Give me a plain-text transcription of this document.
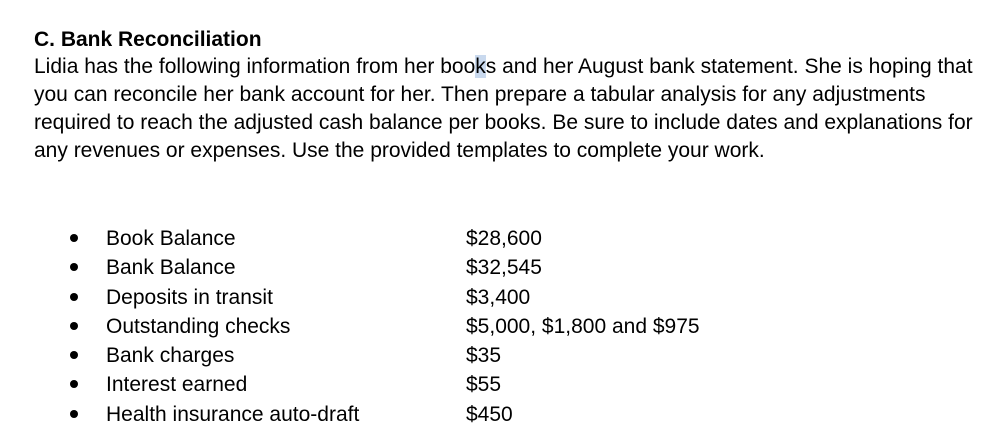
C. Bank Reconciliation

Lidia has the following information from her books and her August bank statement. She is hoping that you can reconcile her bank account for her. Then prepare a tabular analysis for any adjustments required to reach the adjusted cash balance per books. Be sure to include dates and explanations for any revenues or expenses. Use the provided templates to complete your work.

Book Balance	$28,600
Bank Balance	$32,545
Deposits in transit	$3,400
Outstanding checks	$5,000, $1,800 and $975
Bank charges	$35
Interest earned	$55
Health insurance auto-draft	$450
